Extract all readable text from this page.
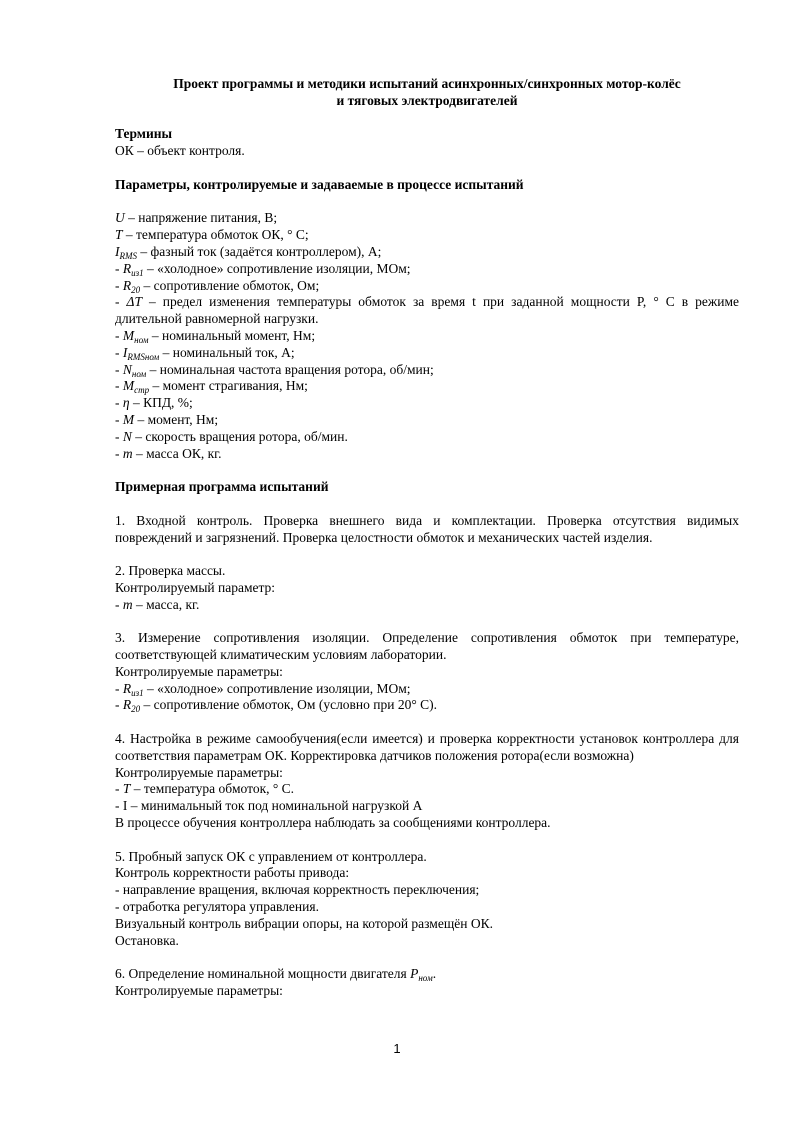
Проект программы и методики испытаний асинхронных/синхронных мотор-колёс

и тяговых электродвигателей

Термины

ОК – объект контроля.

Параметры, контролируемые и задаваемые в процессе испытаний

U – напряжение питания, В;

T – температура обмоток ОК, ° С;

$I_{RMS}$ – фазный ток (задаётся контроллером), А;

- $R_{из1}$ – «холодное» сопротивление изоляции, МОм;

- $R_{20}$ – сопротивление обмоток, Ом;

- ΔT – предел изменения температуры обмоток за время t при заданной мощности P, ° С в режиме длительной равномерной нагрузки.

- $M_{ном}$ – номинальный момент, Нм;

- $I_{RMSном}$ – номинальный ток, А;

- $N_{ном}$ – номинальная частота вращения ротора, об/мин;

- $M_{стр}$ – момент страгивания, Нм;

- η – КПД, %;

- M – момент, Нм;

- N – скорость вращения ротора, об/мин.

- m – масса ОК, кг.

Примерная программа испытаний

1. Входной контроль. Проверка внешнего вида и комплектации. Проверка отсутствия видимых повреждений и загрязнений. Проверка целостности обмоток и механических частей изделия.

2. Проверка массы.

Контролируемый параметр:

- m – масса, кг.

3. Измерение сопротивления изоляции. Определение сопротивления обмоток при температуре, соответствующей климатическим условиям лаборатории.

Контролируемые параметры:

- $R_{из1}$ – «холодное» сопротивление изоляции, МОм;

- $R_{20}$ – сопротивление обмоток, Ом (условно при 20° С).

4. Настройка в режиме самообучения(если имеется) и проверка корректности установок контроллера для соответствия параметрам ОК. Корректировка датчиков положения ротора(если возможна)

Контролируемые параметры:

- T – температура обмоток, ° С.

- I – минимальный ток под номинальной нагрузкой А

В процессе обучения контроллера наблюдать за сообщениями контроллера.

5. Пробный запуск ОК с управлением от контроллера.

Контроль корректности работы привода:

- направление вращения, включая корректность переключения;

- отработка регулятора управления.

Визуальный контроль вибрации опоры, на которой размещён ОК.

Остановка.

6. Определение номинальной мощности двигателя $P_{ном}$.

Контролируемые параметры:

1
